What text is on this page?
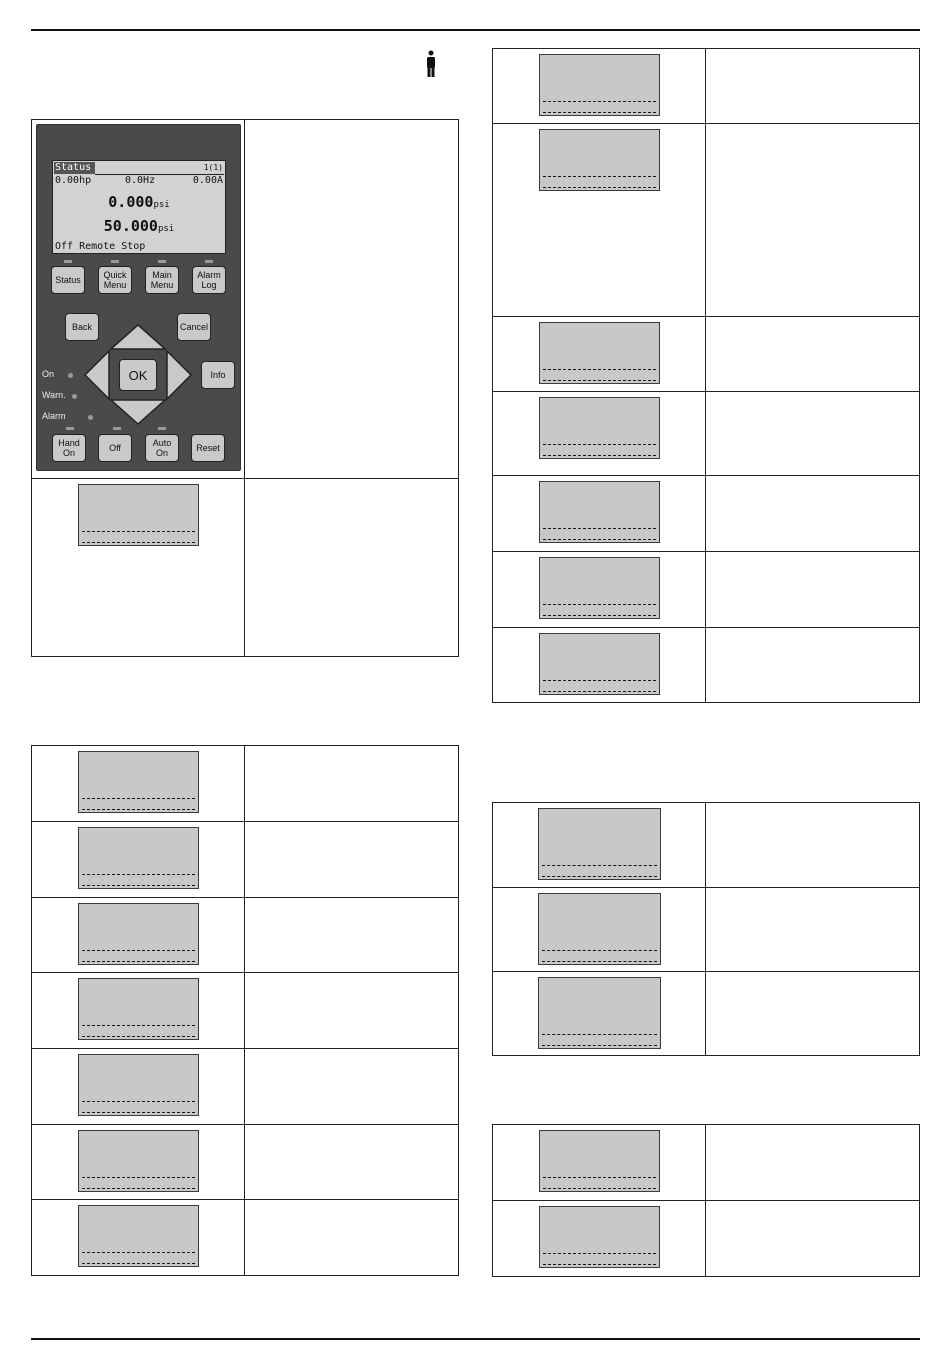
Status	1(1)
0.00hp	0.0Hz	0.00A
0.000psi
50.000psi
Off Remote Stop
Status	Quick
Menu
Main
Menu
Alarm
Log
Back	Cancel
OK	Info
On
Warn.
Alarm
Hand
On	Off	Auto
On	Reset
